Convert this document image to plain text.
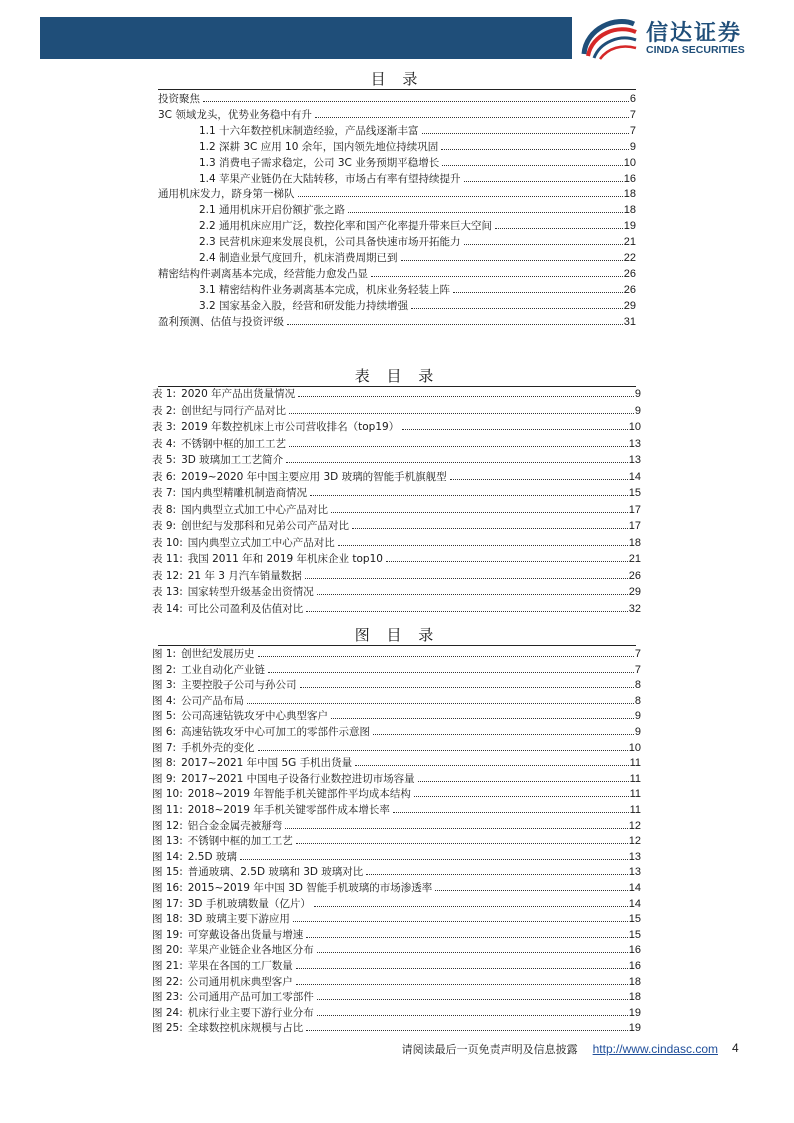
信达证券
CINDA SECURITIES
目 录
投资聚焦	6
3C 领域龙头，优势业务稳中有升	7
1.1 十六年数控机床制造经验，产品线逐渐丰富	7
1.2 深耕 3C 应用 10 余年，国内领先地位持续巩固	9
1.3 消费电子需求稳定，公司 3C 业务预期平稳增长	10
1.4 苹果产业链仍在大陆转移，市场占有率有望持续提升	16
通用机床发力，跻身第一梯队	18
2.1 通用机床开启份额扩张之路	18
2.2 通用机床应用广泛，数控化率和国产化率提升带来巨大空间	19
2.3 民营机床迎来发展良机，公司具备快速市场开拓能力	21
2.4 制造业景气度回升，机床消费周期已到	22
精密结构件剥离基本完成，经营能力愈发凸显	26
3.1 精密结构件业务剥离基本完成，机床业务轻装上阵	26
3.2 国家基金入股，经营和研发能力持续增强	29
盈利预测、估值与投资评级	31
表 目 录
表 1: 2020 年产品出货量情况	9
表 2: 创世纪与同行产品对比	9
表 3: 2019 年数控机床上市公司营收排名（top19）	10
表 4: 不锈钢中框的加工工艺	13
表 5: 3D 玻璃加工工艺简介	13
表 6: 2019~2020 年中国主要应用 3D 玻璃的智能手机旗舰型	14
表 7: 国内典型精雕机制造商情况	15
表 8: 国内典型立式加工中心产品对比	17
表 9: 创世纪与发那科和兄弟公司产品对比	17
表 10: 国内典型立式加工中心产品对比	18
表 11: 我国 2011 年和 2019 年机床企业 top10	21
表 12: 21 年 3 月汽车销量数据	26
表 13: 国家转型升级基金出资情况	29
表 14: 可比公司盈利及估值对比	32
图 目 录
图 1: 创世纪发展历史	7
图 2: 工业自动化产业链	7
图 3: 主要控股子公司与孙公司	8
图 4: 公司产品布局	8
图 5: 公司高速钻铣攻牙中心典型客户	9
图 6: 高速钻铣攻牙中心可加工的零部件示意图	9
图 7: 手机外壳的变化	10
图 8: 2017~2021 年中国 5G 手机出货量	11
图 9: 2017~2021 中国电子设备行业数控进切市场容量	11
图 10: 2018~2019 年智能手机关键部件平均成本结构	11
图 11: 2018~2019 年手机关键零部件成本增长率	11
图 12: 铝合金金属壳被掰弯	12
图 13: 不锈钢中框的加工工艺	12
图 14: 2.5D 玻璃	13
图 15: 普通玻璃、2.5D 玻璃和 3D 玻璃对比	13
图 16: 2015~2019 年中国 3D 智能手机玻璃的市场渗透率	14
图 17: 3D 手机玻璃数量（亿片）	14
图 18: 3D 玻璃主要下游应用	15
图 19: 可穿戴设备出货量与增速	15
图 20: 苹果产业链企业各地区分布	16
图 21: 苹果在各国的工厂数量	16
图 22: 公司通用机床典型客户	18
图 23: 公司通用产品可加工零部件	18
图 24: 机床行业主要下游行业分布	19
图 25: 全球数控机床规模与占比	19
请阅读最后一页免责声明及信息披露 http://www.cindasc.com 4
